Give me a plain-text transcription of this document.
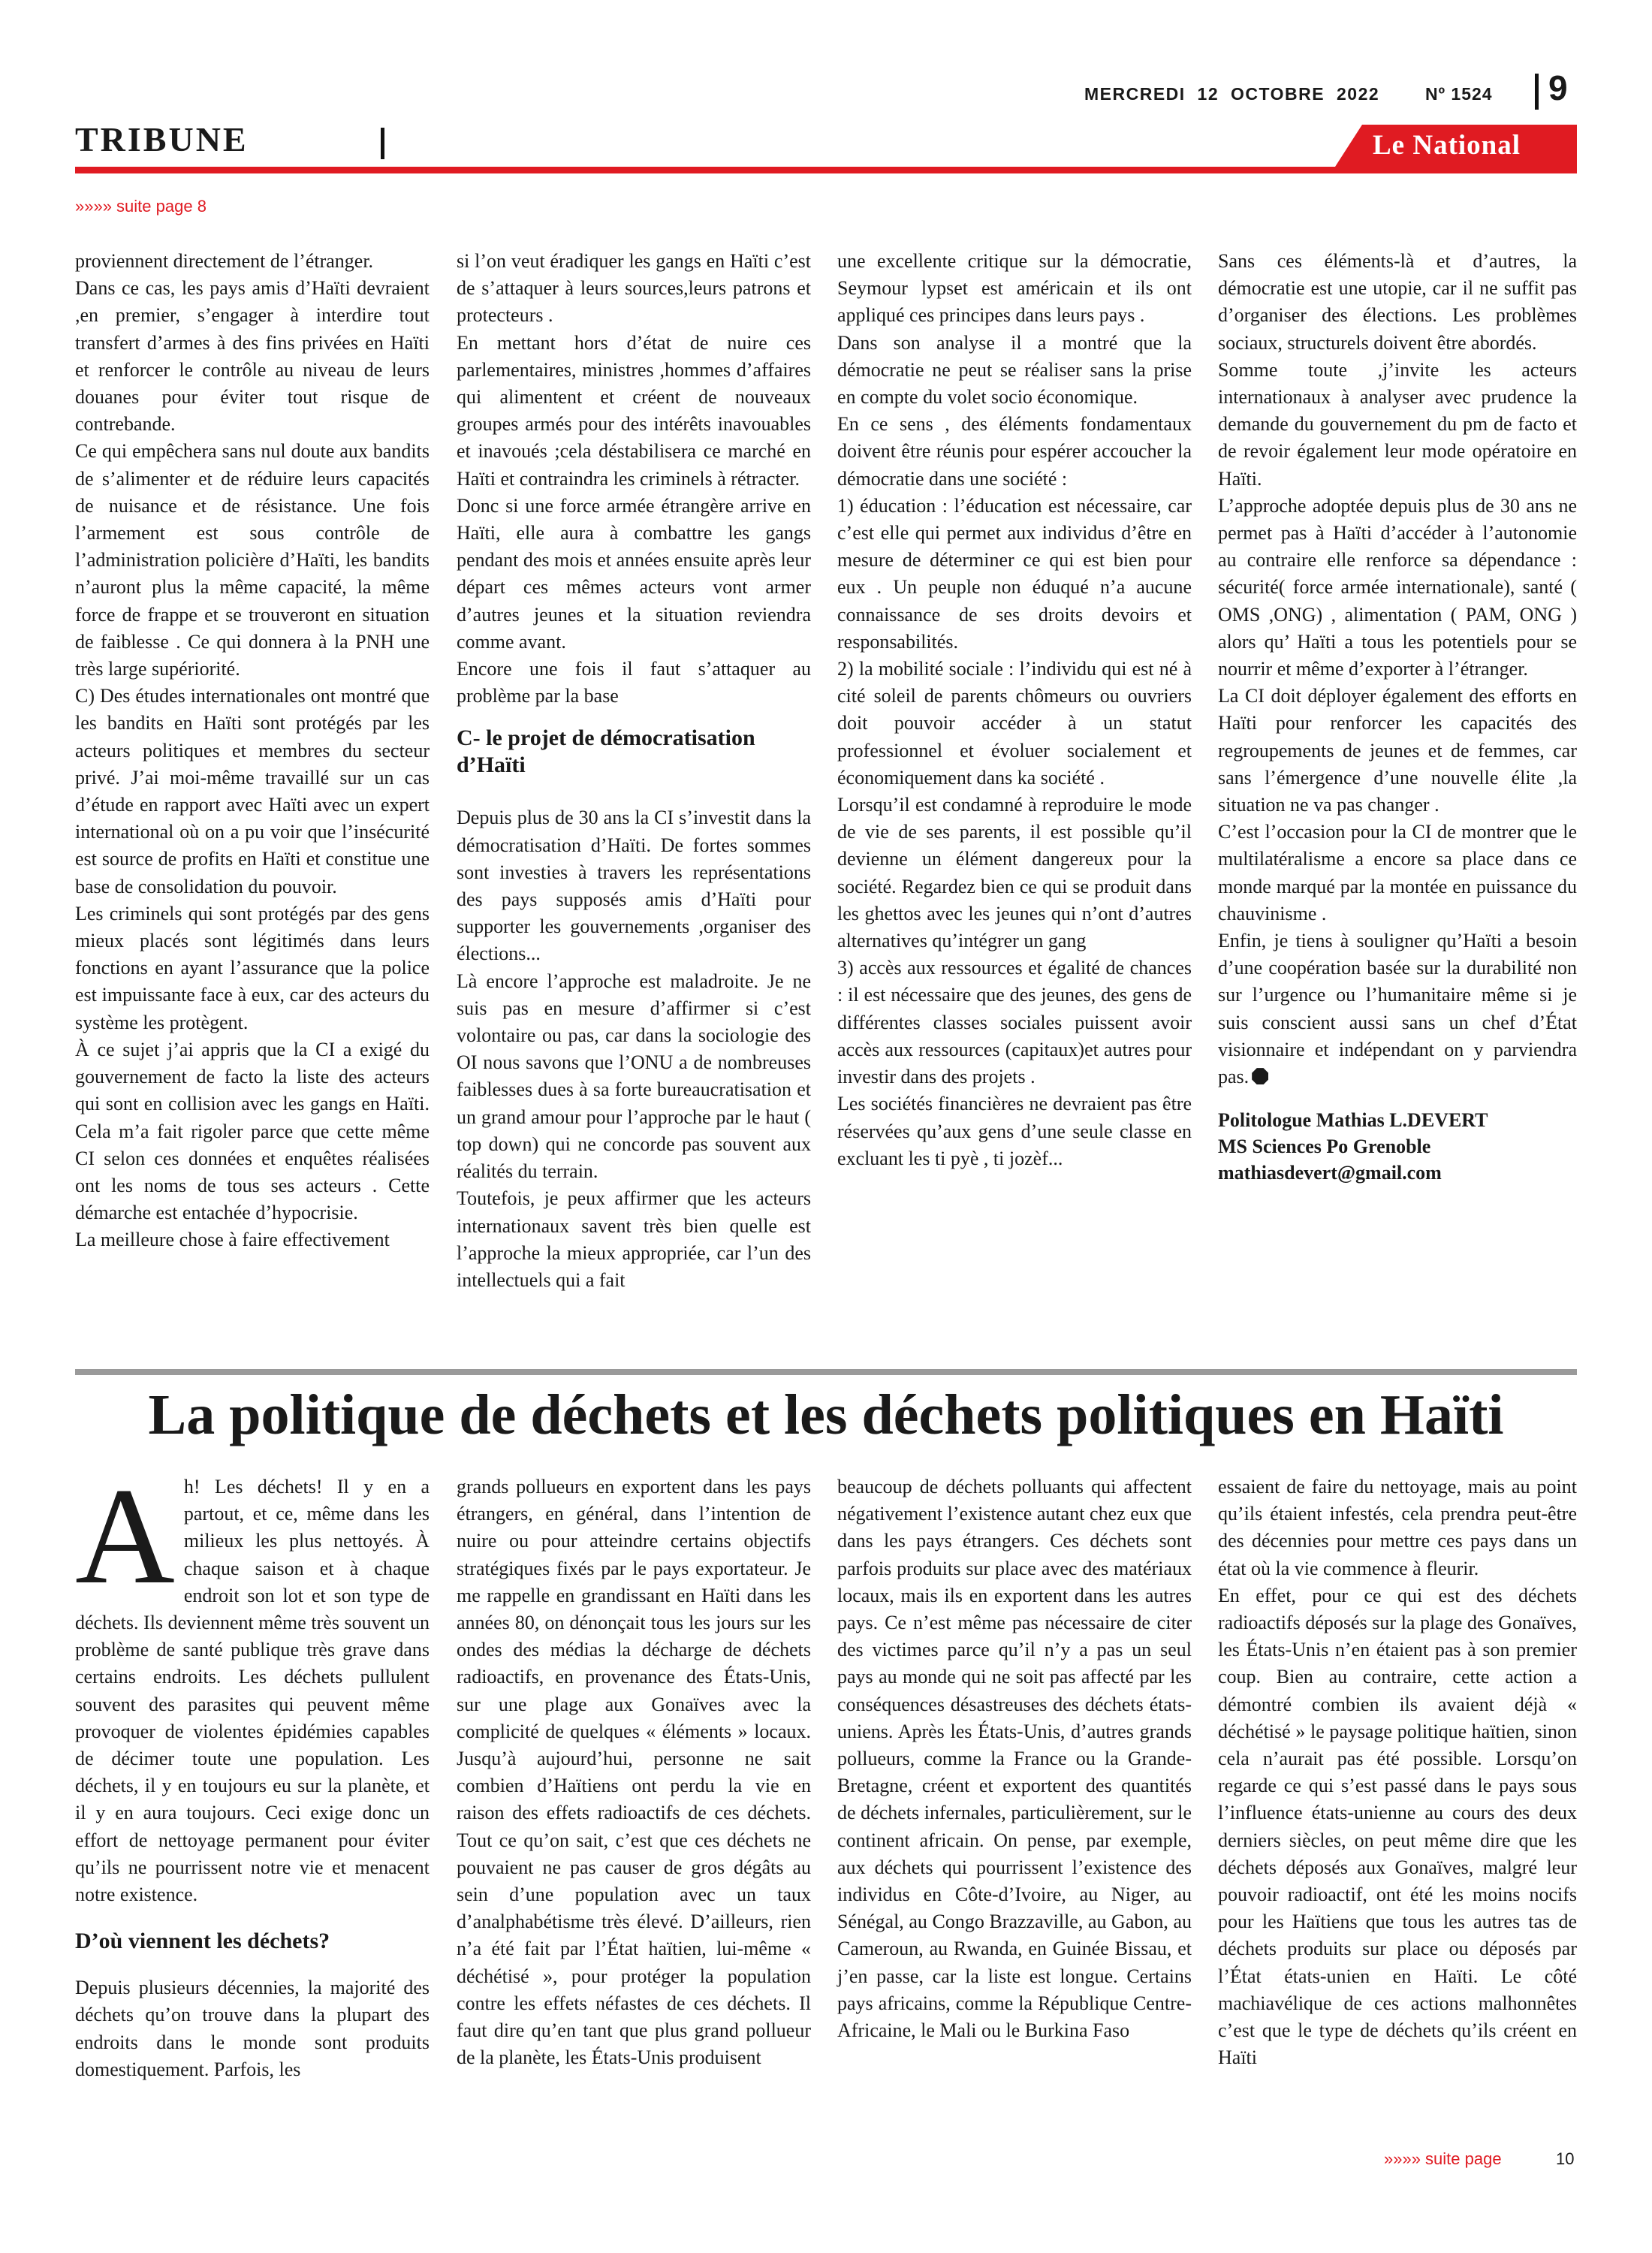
MERCREDI 12 OCTOBRE 2022	Nº 1524 9
TRIBUNE	Le National
»»»» suite page 8

proviennent directement de l’étranger.

Dans ce cas, les pays amis d’Haïti devraient ,en premier, s’engager à interdire tout transfert d’armes à des fins privées en Haïti et renforcer le contrôle au niveau de leurs douanes pour éviter tout risque de contrebande.

Ce qui empêchera sans nul doute aux bandits de s’alimenter et de réduire leurs capacités de nuisance et de résistance. Une fois l’armement est sous contrôle de l’administration policière d’Haïti, les bandits n’auront plus la même capacité, la même force de frappe et se trouveront en situation de faiblesse . Ce qui donnera à la PNH une très large supériorité.

C) Des études internationales ont montré que les bandits en Haïti sont protégés par les acteurs politiques et membres du secteur privé. J’ai moi-même travaillé sur un cas d’étude en rapport avec Haïti avec un expert international où on a pu voir que l’insécurité est source de profits en Haïti et constitue une base de consolidation du pouvoir.

Les criminels qui sont protégés par des gens mieux placés sont légitimés dans leurs fonctions en ayant l’assurance que la police est impuissante face à eux, car des acteurs du système les protègent.

À ce sujet j’ai appris que la CI a exigé du gouvernement de facto la liste des acteurs qui sont en collision avec les gangs en Haïti. Cela m’a fait rigoler parce que cette même CI selon ces données et enquêtes réalisées ont les noms de tous ses acteurs . Cette démarche est entachée d’hypocrisie.

La meilleure chose à faire effectivement

si l’on veut éradiquer les gangs en Haïti c’est de s’attaquer à leurs sources,leurs patrons et protecteurs .

En mettant hors d’état de nuire ces parlementaires, ministres ,hommes d’affaires qui alimentent et créent de nouveaux groupes armés pour des intérêts inavouables et inavoués ;cela déstabilisera ce marché en Haïti et contraindra les criminels à rétracter.

Donc si une force armée étrangère arrive en Haïti, elle aura à combattre les gangs pendant des mois et années ensuite après leur départ ces mêmes acteurs vont armer d’autres jeunes et la situation reviendra comme avant.

Encore une fois il faut s’attaquer au problème par la base

C- le projet de démocratisation d’Haïti

Depuis plus de 30 ans la CI s’investit dans la démocratisation d’Haïti. De fortes sommes sont investies à travers les représentations des pays supposés amis d’Haïti pour supporter les gouvernements ,organiser des élections...

Là encore l’approche est maladroite. Je ne suis pas en mesure d’affirmer si c’est volontaire ou pas, car dans la sociologie des OI nous savons que l’ONU a de nombreuses faiblesses dues à sa forte bureaucratisation et un grand amour pour l’approche par le haut ( top down) qui ne concorde pas souvent aux réalités du terrain.

Toutefois, je peux affirmer que les acteurs internationaux savent très bien quelle est l’approche la mieux appropriée, car l’un des intellectuels qui a fait

une excellente critique sur la démocratie, Seymour lypset est américain et ils ont appliqué ces principes dans leurs pays .

Dans son analyse il a montré que la démocratie ne peut se réaliser sans la prise en compte du volet socio économique.

En ce sens , des éléments fondamentaux doivent être réunis pour espérer accoucher la démocratie dans une société :

1) éducation : l’éducation est nécessaire, car c’est elle qui permet aux individus d’être en mesure de déterminer ce qui est bien pour eux . Un peuple non éduqué n’a aucune connaissance de ses droits devoirs et responsabilités.

2) la mobilité sociale : l’individu qui est né à cité soleil de parents chômeurs ou ouvriers doit pouvoir accéder à un statut professionnel et évoluer socialement et économiquement dans ka société .

Lorsqu’il est condamné à reproduire le mode de vie de ses parents, il est possible qu’il devienne un élément dangereux pour la société. Regardez bien ce qui se produit dans les ghettos avec les jeunes qui n’ont d’autres alternatives qu’intégrer un gang

3) accès aux ressources et égalité de chances : il est nécessaire que des jeunes, des gens de différentes classes sociales puissent avoir accès aux ressources (capitaux)et autres pour investir dans des projets .

Les sociétés financières ne devraient pas être réservées qu’aux gens d’une seule classe en excluant les ti pyè , ti jozèf...

Sans ces éléments-là et d’autres, la démocratie est une utopie, car il ne suffit pas d’organiser des élections. Les problèmes sociaux, structurels doivent être abordés.

Somme toute ,j’invite les acteurs internationaux à analyser avec prudence la demande du gouvernement du pm de facto et de revoir également leur mode opératoire en Haïti.

L’approche adoptée depuis plus de 30 ans ne permet pas à Haïti d’accéder à l’autonomie au contraire elle renforce sa dépendance : sécurité( force armée internationale), santé ( OMS ,ONG) , alimentation ( PAM, ONG ) alors qu’ Haïti a tous les potentiels pour se nourrir et même d’exporter à l’étranger.

La CI doit déployer également des efforts en Haïti pour renforcer les capacités des regroupements de jeunes et de femmes, car sans l’émergence d’une nouvelle élite ,la situation ne va pas changer .

C’est l’occasion pour la CI de montrer que le multilatéralisme a encore sa place dans ce monde marqué par la montée en puissance du chauvinisme .

Enfin, je tiens à souligner qu’Haïti a besoin d’une coopération basée sur la durabilité non sur l’urgence ou l’humanitaire même si je suis conscient aussi sans un chef d’État visionnaire et indépendant on y parviendra pas.

Politologue Mathias L.DEVERT
MS Sciences Po Grenoble
mathiasdevert@gmail.com

La politique de déchets et les déchets politiques en Haïti

Ah! Les déchets! Il y en a partout, et ce, même dans les milieux les plus nettoyés. À chaque saison et à chaque endroit son lot et son type de déchets. Ils deviennent même très souvent un problème de santé publique très grave dans certains endroits. Les déchets pullulent souvent des parasites qui peuvent même provoquer de violentes épidémies capables de décimer toute une population. Les déchets, il y en toujours eu sur la planète, et il y en aura toujours. Ceci exige donc un effort de nettoyage permanent pour éviter qu’ils ne pourrissent notre vie et menacent notre existence.

D’où viennent les déchets?

Depuis plusieurs décennies, la majorité des déchets qu’on trouve dans la plupart des endroits dans le monde sont produits domestiquement. Parfois, les

grands pollueurs en exportent dans les pays étrangers, en général, dans l’intention de nuire ou pour atteindre certains objectifs stratégiques fixés par le pays exportateur. Je me rappelle en grandissant en Haïti dans les années 80, on dénonçait tous les jours sur les ondes des médias la décharge de déchets radioactifs, en provenance des États-Unis, sur une plage aux Gonaïves avec la complicité de quelques « éléments » locaux. Jusqu’à aujourd’hui, personne ne sait combien d’Haïtiens ont perdu la vie en raison des effets radioactifs de ces déchets. Tout ce qu’on sait, c’est que ces déchets ne pouvaient ne pas causer de gros dégâts au sein d’une population avec un taux d’analphabétisme très élevé. D’ailleurs, rien n’a été fait par l’État haïtien, lui-même « déchétisé », pour protéger la population contre les effets néfastes de ces déchets. Il faut dire qu’en tant que plus grand pollueur de la planète, les États-Unis produisent

beaucoup de déchets polluants qui affectent négativement l’existence autant chez eux que dans les pays étrangers. Ces déchets sont parfois produits sur place avec des matériaux locaux, mais ils en exportent dans les autres pays. Ce n’est même pas nécessaire de citer des victimes parce qu’il n’y a pas un seul pays au monde qui ne soit pas affecté par les conséquences désastreuses des déchets états-uniens. Après les États-Unis, d’autres grands pollueurs, comme la France ou la Grande-Bretagne, créent et exportent des quantités de déchets infernales, particulièrement, sur le continent africain. On pense, par exemple, aux déchets qui pourrissent l’existence des individus en Côte-d’Ivoire, au Niger, au Sénégal, au Congo Brazzaville, au Gabon, au Cameroun, au Rwanda, en Guinée Bissau, et j’en passe, car la liste est longue. Certains pays africains, comme la République Centre-Africaine, le Mali ou le Burkina Faso

essaient de faire du nettoyage, mais au point qu’ils étaient infestés, cela prendra peut-être des décennies pour mettre ces pays dans un état où la vie commence à fleurir.

En effet, pour ce qui est des déchets radioactifs déposés sur la plage des Gonaïves, les États-Unis n’en étaient pas à son premier coup. Bien au contraire, cette action a démontré combien ils avaient déjà « déchétisé » le paysage politique haïtien, sinon cela n’aurait pas été possible. Lorsqu’on regarde ce qui s’est passé dans le pays sous l’influence états-unienne au cours des deux derniers siècles, on peut même dire que les déchets déposés aux Gonaïves, malgré leur pouvoir radioactif, ont été les moins nocifs pour les Haïtiens que tous les autres tas de déchets produits sur place ou déposés par l’État états-unien en Haïti. Le côté machiavélique de ces actions malhonnêtes c’est que le type de déchets qu’ils créent en Haïti

»»»» suite page	10
